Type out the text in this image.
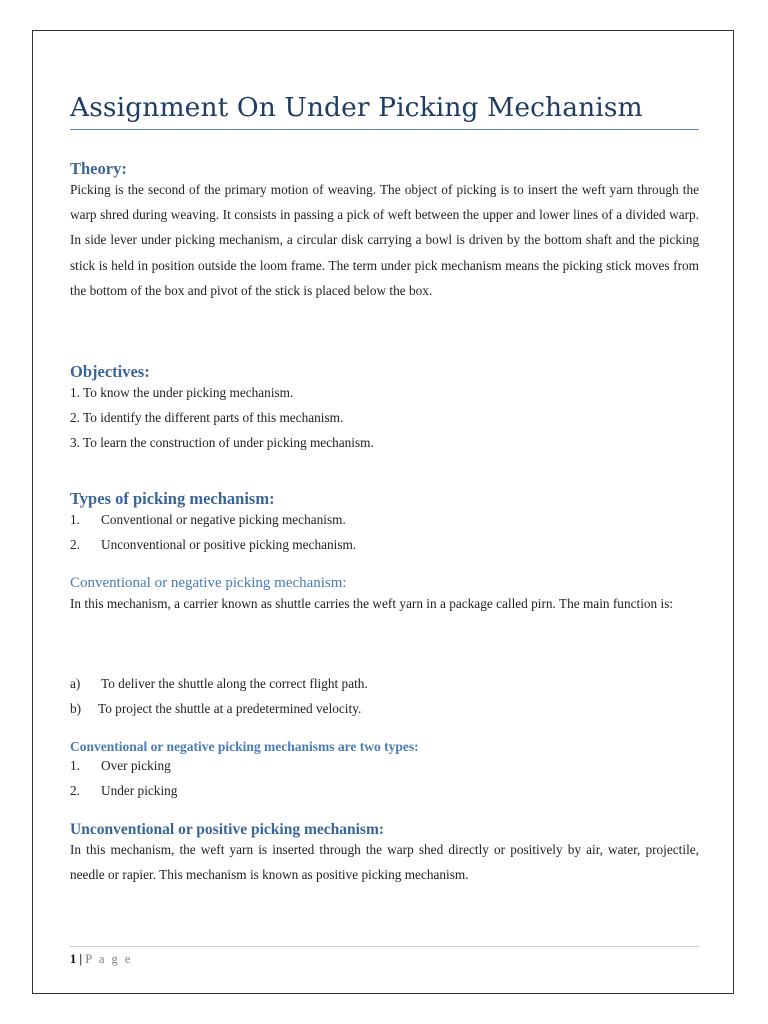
Assignment On Under Picking Mechanism
Theory:

Picking is the second of the primary motion of weaving. The object of picking is to insert the weft yarn through the warp shred during weaving. It consists in passing a pick of weft between the upper and lower lines of a divided warp. In side lever under picking mechanism, a circular disk carrying a bowl is driven by the bottom shaft and the picking stick is held in position outside the loom frame. The term under pick mechanism means the picking stick moves from the bottom of the box and pivot of the stick is placed below the box.

Objectives:
1. To know the under picking mechanism.
2. To identify the different parts of this mechanism.
3. To learn the construction of under picking mechanism.
Types of picking mechanism:
1.	Conventional or negative picking mechanism.
2.	Unconventional or positive picking mechanism.
Conventional or negative picking mechanism:

In this mechanism, a carrier known as shuttle carries the weft yarn in a package called pirn. The main function is:

a)	To deliver the shuttle along the correct flight path.
b)	To project the shuttle at a predetermined velocity.
Conventional or negative picking mechanisms are two types:
1.	Over picking
2.	Under picking
Unconventional or positive picking mechanism:

In this mechanism, the weft yarn is inserted through the warp shed directly or positively by air, water, projectile, needle or rapier. This mechanism is known as positive picking mechanism.

1 | P a g e
